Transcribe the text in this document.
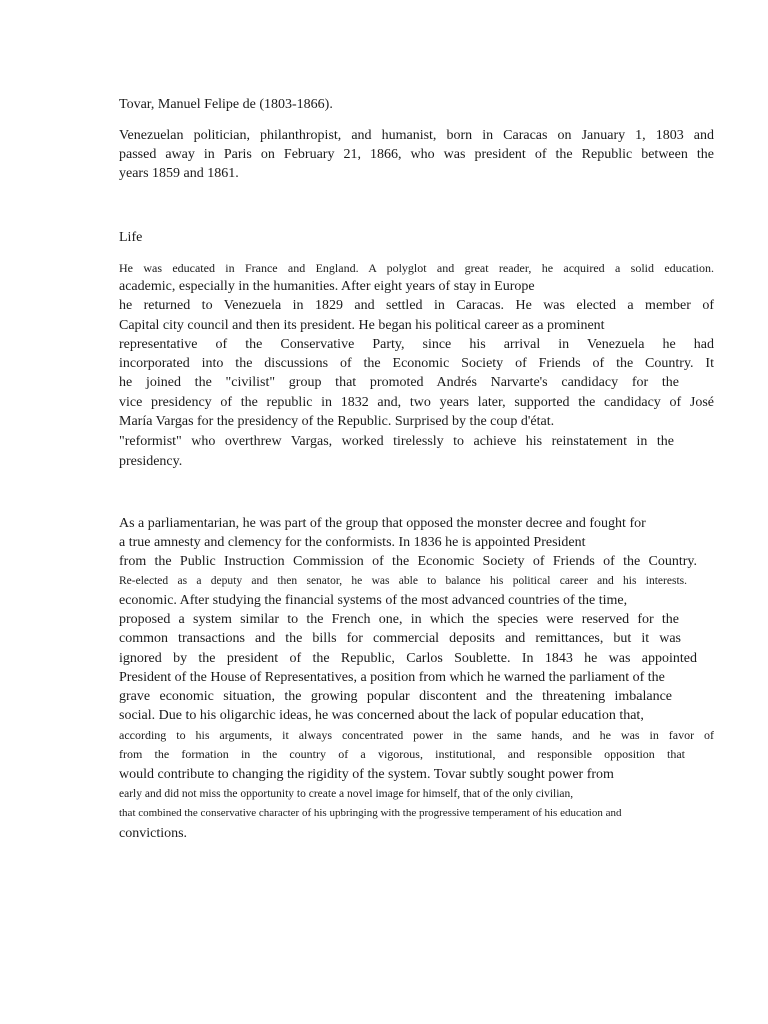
Tovar, Manuel Felipe de (1803-1866).
Venezuelan politician, philanthropist, and humanist, born in Caracas on January 1, 1803 and
passed away in Paris on February 21, 1866, who was president of the Republic between the
years 1859 and 1861.
Life
He was educated in France and England. A polyglot and great reader, he acquired a solid education.
academic, especially in the humanities. After eight years of stay in Europe
he returned to Venezuela in 1829 and settled in Caracas. He was elected a member of
Capital city council and then its president. He began his political career as a prominent
representative of the Conservative Party, since his arrival in Venezuela he had
incorporated into the discussions of the Economic Society of Friends of the Country. It
he joined the "civilist" group that promoted Andrés Narvarte's candidacy for the
vice presidency of the republic in 1832 and, two years later, supported the candidacy of José
María Vargas for the presidency of the Republic. Surprised by the coup d'état.
"reformist" who overthrew Vargas, worked tirelessly to achieve his reinstatement in the
presidency.
As a parliamentarian, he was part of the group that opposed the monster decree and fought for
a true amnesty and clemency for the conformists. In 1836 he is appointed President
from the Public Instruction Commission of the Economic Society of Friends of the Country.
Re-elected as a deputy and then senator, he was able to balance his political career and his interests.
economic. After studying the financial systems of the most advanced countries of the time,
proposed a system similar to the French one, in which the species were reserved for the
common transactions and the bills for commercial deposits and remittances, but it was
ignored by the president of the Republic, Carlos Soublette. In 1843 he was appointed
President of the House of Representatives, a position from which he warned the parliament of the
grave economic situation, the growing popular discontent and the threatening imbalance
social. Due to his oligarchic ideas, he was concerned about the lack of popular education that,
according to his arguments, it always concentrated power in the same hands, and he was in favor of
from the formation in the country of a vigorous, institutional, and responsible opposition that
would contribute to changing the rigidity of the system. Tovar subtly sought power from
early and did not miss the opportunity to create a novel image for himself, that of the only civilian,
that combined the conservative character of his upbringing with the progressive temperament of his education and
convictions.
